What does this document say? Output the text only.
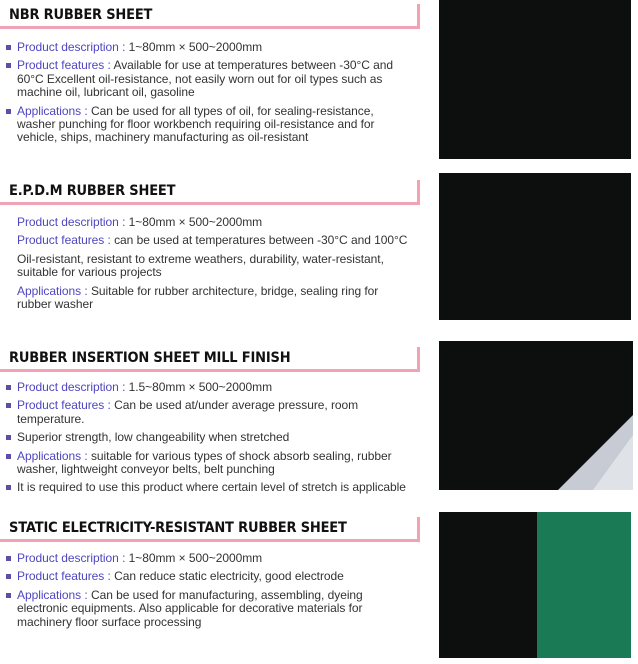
NBR RUBBER SHEET
Product description : 1~80mm × 500~2000mm
Product features : Available for use at temperatures between -30°C and 60°C Excellent oil-resistance, not easily worn out for oil types such as machine oil, lubricant oil, gasoline
Applications : Can be used for all types of oil, for sealing-resistance, washer punching for floor workbench requiring oil-resistance and for vehicle, ships, machinery manufacturing as oil-resistant
E.P.D.M RUBBER SHEET
Product description : 1~80mm × 500~2000mm
Product features : can be used at temperatures between -30°C and 100°C
Oil-resistant, resistant to extreme weathers, durability, water-resistant, suitable for various projects
Applications : Suitable for rubber architecture, bridge, sealing ring for rubber washer
RUBBER INSERTION SHEET MILL FINISH
Product description : 1.5~80mm × 500~2000mm
Product features : Can be used at/under average pressure, room temperature.
Superior strength, low changeability when stretched
Applications : suitable for various types of shock absorb sealing, rubber washer, lightweight conveyor belts, belt punching
It is required to use this product where certain level of stretch is applicable
STATIC ELECTRICITY-RESISTANT RUBBER SHEET
Product description : 1~80mm × 500~2000mm
Product features : Can reduce static electricity, good electrode
Applications : Can be used for manufacturing, assembling, dyeing electronic equipments. Also applicable for decorative materials for machinery floor surface processing
